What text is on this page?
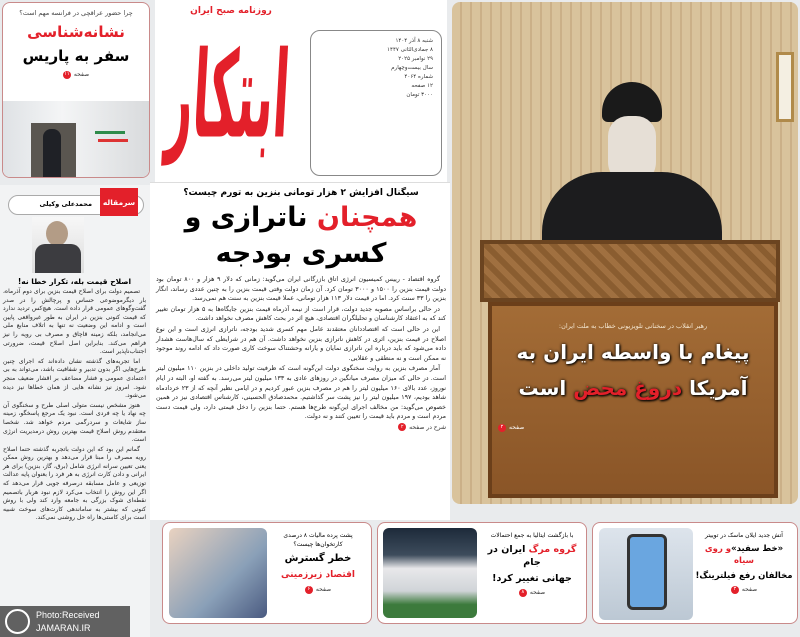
چرا حضور عراقچی در فرانسه مهم است؟
نشانه‌شناسی
سفر به پاریس
صفحه
۱۱
روزنامه صبح ایران
ابتکار	شنبه ۸ آذر ۱۴۰۴
۸ جمادی‌الثانی ۱۴۴۷
۲۹ نوامبر ۲۰۲۵
سال بیست‌وچهارم
شماره ۴۰۶۴
۱۲ صفحه
۳۰۰۰ تومان
سیگنال افزایش ۲ هزار تومانی بنزین به تورم چیست؟
همچنان ناترازی و
کسری بودجه

گروه اقتصاد - رییس کمیسیون انرژی اتاق بازرگانی ایران می‌گوید: زمانی که دلار ۹ هزار و ۸۰۰ تومان بود دولت قیمت بنزین را ۱۵۰۰ و ۳۰۰۰ تومان کرد. آن زمان دولت وقتی قیمت بنزین را به چنین عددی رساند، انگار بنزین را ۳۳ سنت کرد. اما در قیمت دلار ۱۱۳ هزار تومانی، عملا قیمت بنزین به سنت هم نمی‌رسد.

در حالی براساس مصوبه جدید دولت، قرار است از نیمه آذرماه قیمت بنزین جایگاه‌ها به ۵ هزار تومان تغییر کند که به اعتقاد کارشناسان و تحلیلگران اقتصادی، هیچ اثر در بحث کاهش مصرف نخواهد داشت.

این در حالی است که اقتصاددانان معتقدند عامل مهم کسری شدید بودجه، ناترازی انرژی است و این نوع اصلاح در قیمت بنزین، اثری در کاهش ناترازی بنزین نخواهد داشت. آن هم در شرایطی که سال‌هاست هشدار داده می‌شود که باید درباره این ناترازی نمایان و یارانه وحشتناک سوخت کاری صورت داد که ادامه روند موجود نه ممکن است و نه منطقی و عقلایی.

آمار مصرف بنزین به روایت سخنگوی دولت این‌گونه است که ظرفیت تولید داخلی در بنزین ۱۱۰ میلیون لیتر است. در حالی که میزان مصرف میانگین در روزهای عادی به ۱۳۳ میلیون لیتر می‌رسد. به گفته او، البته در ایام نوروز، عدد بالای ۱۶۰ میلیون لیتر را هم در مصرف بنزین عبور کردیم و در ایامی نظیر آنچه که از ۲۳ خردادماه شاهد بودیم، ۱۹۷ میلیون لیتر را نیز پشت سر گذاشتیم. محمدصادق الحسینی، کارشناس اقتصادی نیز در همین خصوص می‌گوید: من مخالف اجرای این‌گونه طرح‌ها هستم. حتما بنزین را دخل قیمتی دارد، ولی قیمت دست مردم است و مردم باید قیمت را تعیین کنند و نه دولت.

شرح در صفحه
۲
سرمقاله
محمدعلی وکیلی
اصلاح قیمت بله، تکرار خطا نه!

تصمیم دولت برای اصلاح قیمت بنزین برای دوم آذرماه، بار دیگرموضوعی حساس و پرچالش را در صدر گفت‌وگوهای عمومی قرار داده است. هیچ‌کس تردید ندارد که قیمت کنونی بنزین در ایران به طور غیرواقعی پایین است و ادامه این وضعیت نه تنها به اتلاف منابع ملی می‌انجامد، بلکه زمینه قاچاق و مصرف بی رویه را نیز فراهم می‌کند. بنابراین اصل اصلاح قیمت، ضرورتی اجتناب‌ناپذیر است.

اما تجربه‌های گذشته نشان داده‌اند که اجرای چنین طرح‌هایی اگر بدون تدبیر و شفافیت باشد، می‌تواند به بی اعتمادی عمومی و فشار مضاعف بر اقشار ضعیف منجر شود. امروز نیز نشانه هایی از همان خطاها نیز دیده می‌شود.

هنوز مشخص نیست متولی اصلی طرح و سخنگوی آن چه نهاد یا چه فردی است. نبود یک مرجع پاسخگو، زمینه ساز شایعات و سردرگمی مردم خواهد شد. شخصا معتقدم روش اصلاح قیمت بهترین روش درمدیریت انرژی است.

گمانم این بود که این دولت باتجربه گذشته حتما اصلاح رویه مصرف را مبنا قرار می‌دهد و بهترین روش ممکن یعنی تعیین سرانه انرژی شامل (برق، گاز، بنزین) برای هر ایرانی و دادن کارت انرژی به هر فرد را بعنوان پایه عدالت توزیعی و عامل مسابقه درصرفه جویی قرار می‌دهد که اگر این روش را انتخاب می‌کرد لازم نبود هربار باتصمیم نقطه‌ای شوک بزرگی به جامعه وارد کند ولی با روش کنونی که بیشتر به ساماندهی کارت‌های سوخت شبیه است برای کاستی‌ها راه‌ حل روشنی نمی‌کند.

رهبر انقلاب در سخنانی تلویزیونی خطاب به ملت ایران:
پیغام با واسطه ایران به
آمریکا دروغ محض است
صفحه
۲
پشت پرده مالیات ۸ درصدی کارتخوان‌ها چیست؟
خطر گسترش
اقتصاد زیرزمینی
صفحه
۶
با بازگشت ایتالیا به جمع احتمالات
گروه مرگ ایران در جام
جهانی تغییر کرد!
صفحه
۸
آتش جدید ایلان ماسک در توییتر
«خط سفید»و روی سیاه
مخالفان رفع فیلترینگ!
صفحه
۳
Photo:Received
JAMARAN.IR
